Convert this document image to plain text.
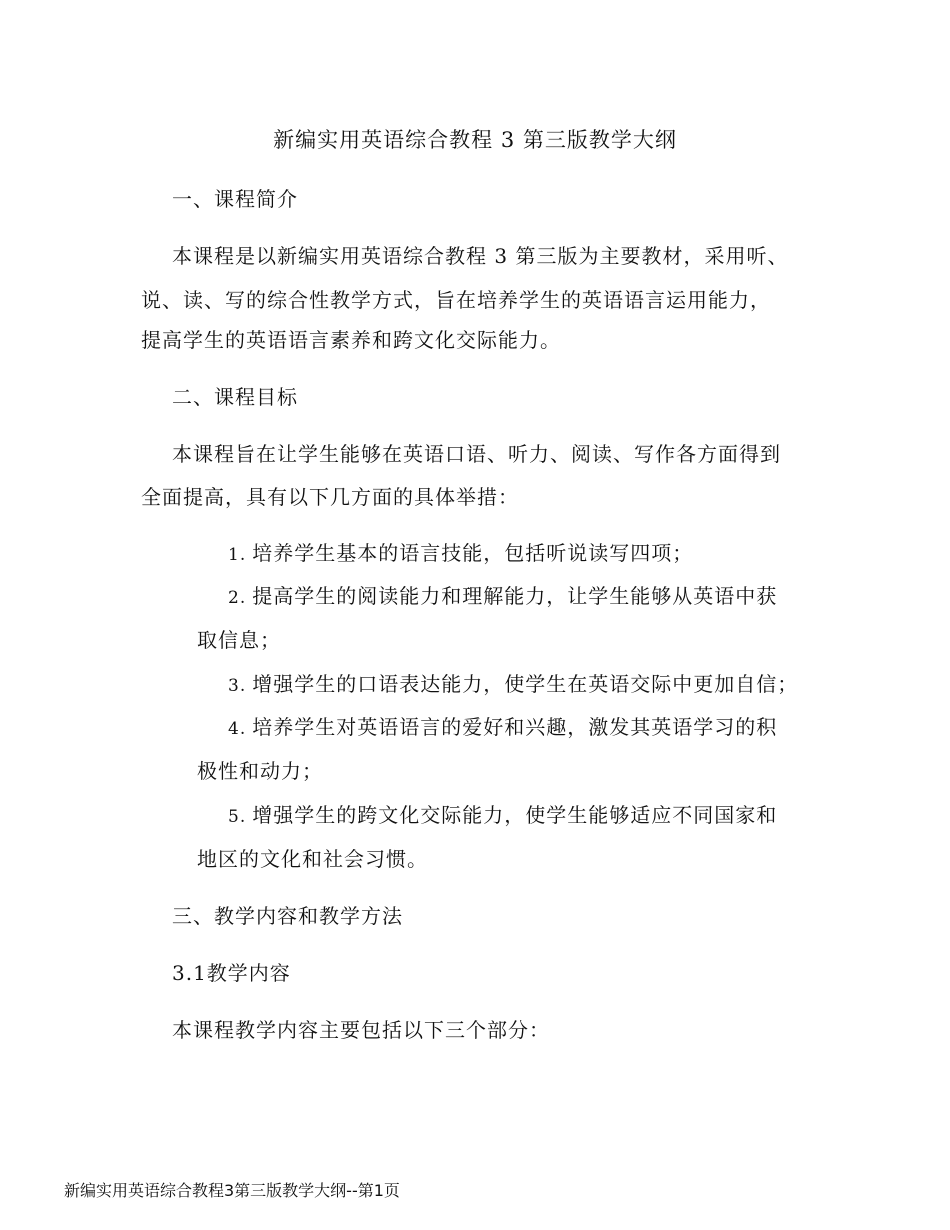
新编实用英语综合教程 3 第三版教学大纲
一、课程简介
本课程是以新编实用英语综合教程 3 第三版为主要教材，采用听、
说、读、写的综合性教学方式，旨在培养学生的英语语言运用能力，
提高学生的英语语言素养和跨文化交际能力。
二、课程目标
本课程旨在让学生能够在英语口语、听力、阅读、写作各方面得到
全面提高，具有以下几方面的具体举措：
1. 培养学生基本的语言技能，包括听说读写四项；
2. 提高学生的阅读能力和理解能力，让学生能够从英语中获
取信息；
3. 增强学生的口语表达能力，使学生在英语交际中更加自信；
4. 培养学生对英语语言的爱好和兴趣，激发其英语学习的积
极性和动力；
5. 增强学生的跨文化交际能力，使学生能够适应不同国家和
地区的文化和社会习惯。
三、教学内容和教学方法
3.1教学内容
本课程教学内容主要包括以下三个部分：
新编实用英语综合教程3第三版教学大纲--第1页
